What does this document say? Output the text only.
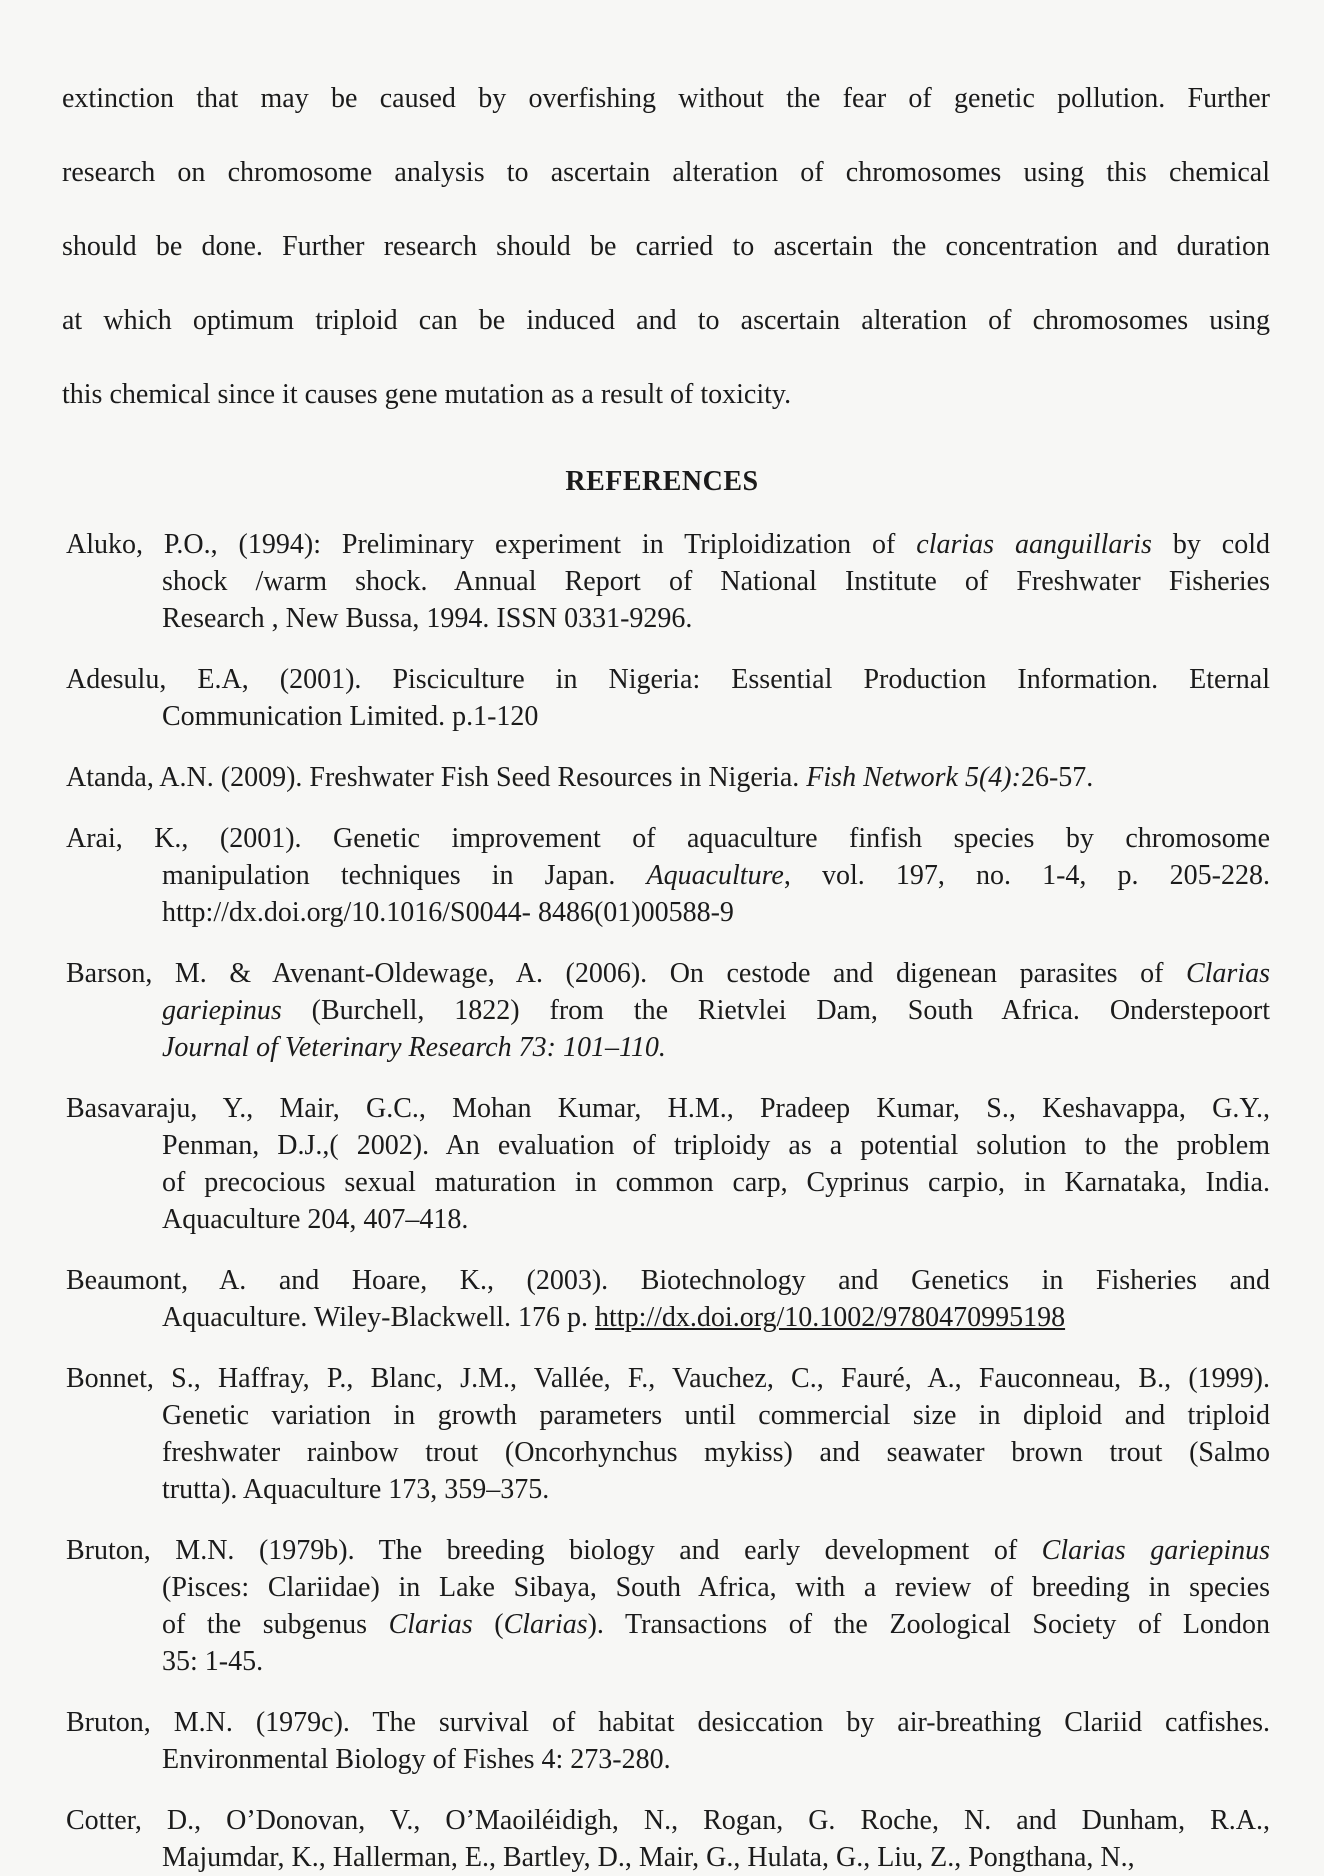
extinction that may be caused by overfishing without the fear of genetic pollution. Further
research on chromosome analysis to ascertain alteration of chromosomes using this chemical
should be done. Further research should be carried to ascertain the concentration and duration
at which optimum triploid can be induced and to ascertain alteration of chromosomes using
this chemical since it causes gene mutation as a result of toxicity.
REFERENCES
Aluko, P.O., (1994): Preliminary experiment in Triploidization of clarias aanguillaris by cold
shock /warm shock. Annual Report of National Institute of Freshwater Fisheries
Research , New Bussa, 1994. ISSN 0331-9296.
Adesulu, E.A, (2001). Pisciculture in Nigeria: Essential Production Information. Eternal
Communication Limited. p.1-120
Atanda, A.N. (2009). Freshwater Fish Seed Resources in Nigeria. Fish Network 5(4):26-57.
Arai, K., (2001). Genetic improvement of aquaculture finfish species by chromosome
manipulation techniques in Japan. Aquaculture, vol. 197, no. 1-4, p. 205-228.
http://dx.doi.org/10.1016/S0044- 8486(01)00588-9
Barson, M. & Avenant-Oldewage, A. (2006). On cestode and digenean parasites of Clarias
gariepinus (Burchell, 1822) from the Rietvlei Dam, South Africa. Onderstepoort
Journal of Veterinary Research 73: 101–110.
Basavaraju, Y., Mair, G.C., Mohan Kumar, H.M., Pradeep Kumar, S., Keshavappa, G.Y.,
Penman, D.J.,( 2002). An evaluation of triploidy as a potential solution to the problem
of precocious sexual maturation in common carp, Cyprinus carpio, in Karnataka, India.
Aquaculture 204, 407–418.
Beaumont, A. and Hoare, K., (2003). Biotechnology and Genetics in Fisheries and
Aquaculture. Wiley-Blackwell. 176 p. http://dx.doi.org/10.1002/9780470995198
Bonnet, S., Haffray, P., Blanc, J.M., Vallée, F., Vauchez, C., Fauré, A., Fauconneau, B., (1999).
Genetic variation in growth parameters until commercial size in diploid and triploid
freshwater rainbow trout (Oncorhynchus mykiss) and seawater brown trout (Salmo
trutta). Aquaculture 173, 359–375.
Bruton, M.N. (1979b). The breeding biology and early development of Clarias gariepinus
(Pisces: Clariidae) in Lake Sibaya, South Africa, with a review of breeding in species
of the subgenus Clarias (Clarias). Transactions of the Zoological Society of London
35: 1-45.
Bruton, M.N. (1979c). The survival of habitat desiccation by air-breathing Clariid catfishes.
Environmental Biology of Fishes 4: 273-280.
Cotter, D., O’Donovan, V., O’Maoiléidigh, N., Rogan, G. Roche, N. and Dunham, R.A.,
Majumdar, K., Hallerman, E., Bartley, D., Mair, G., Hulata, G., Liu, Z., Pongthana, N.,
